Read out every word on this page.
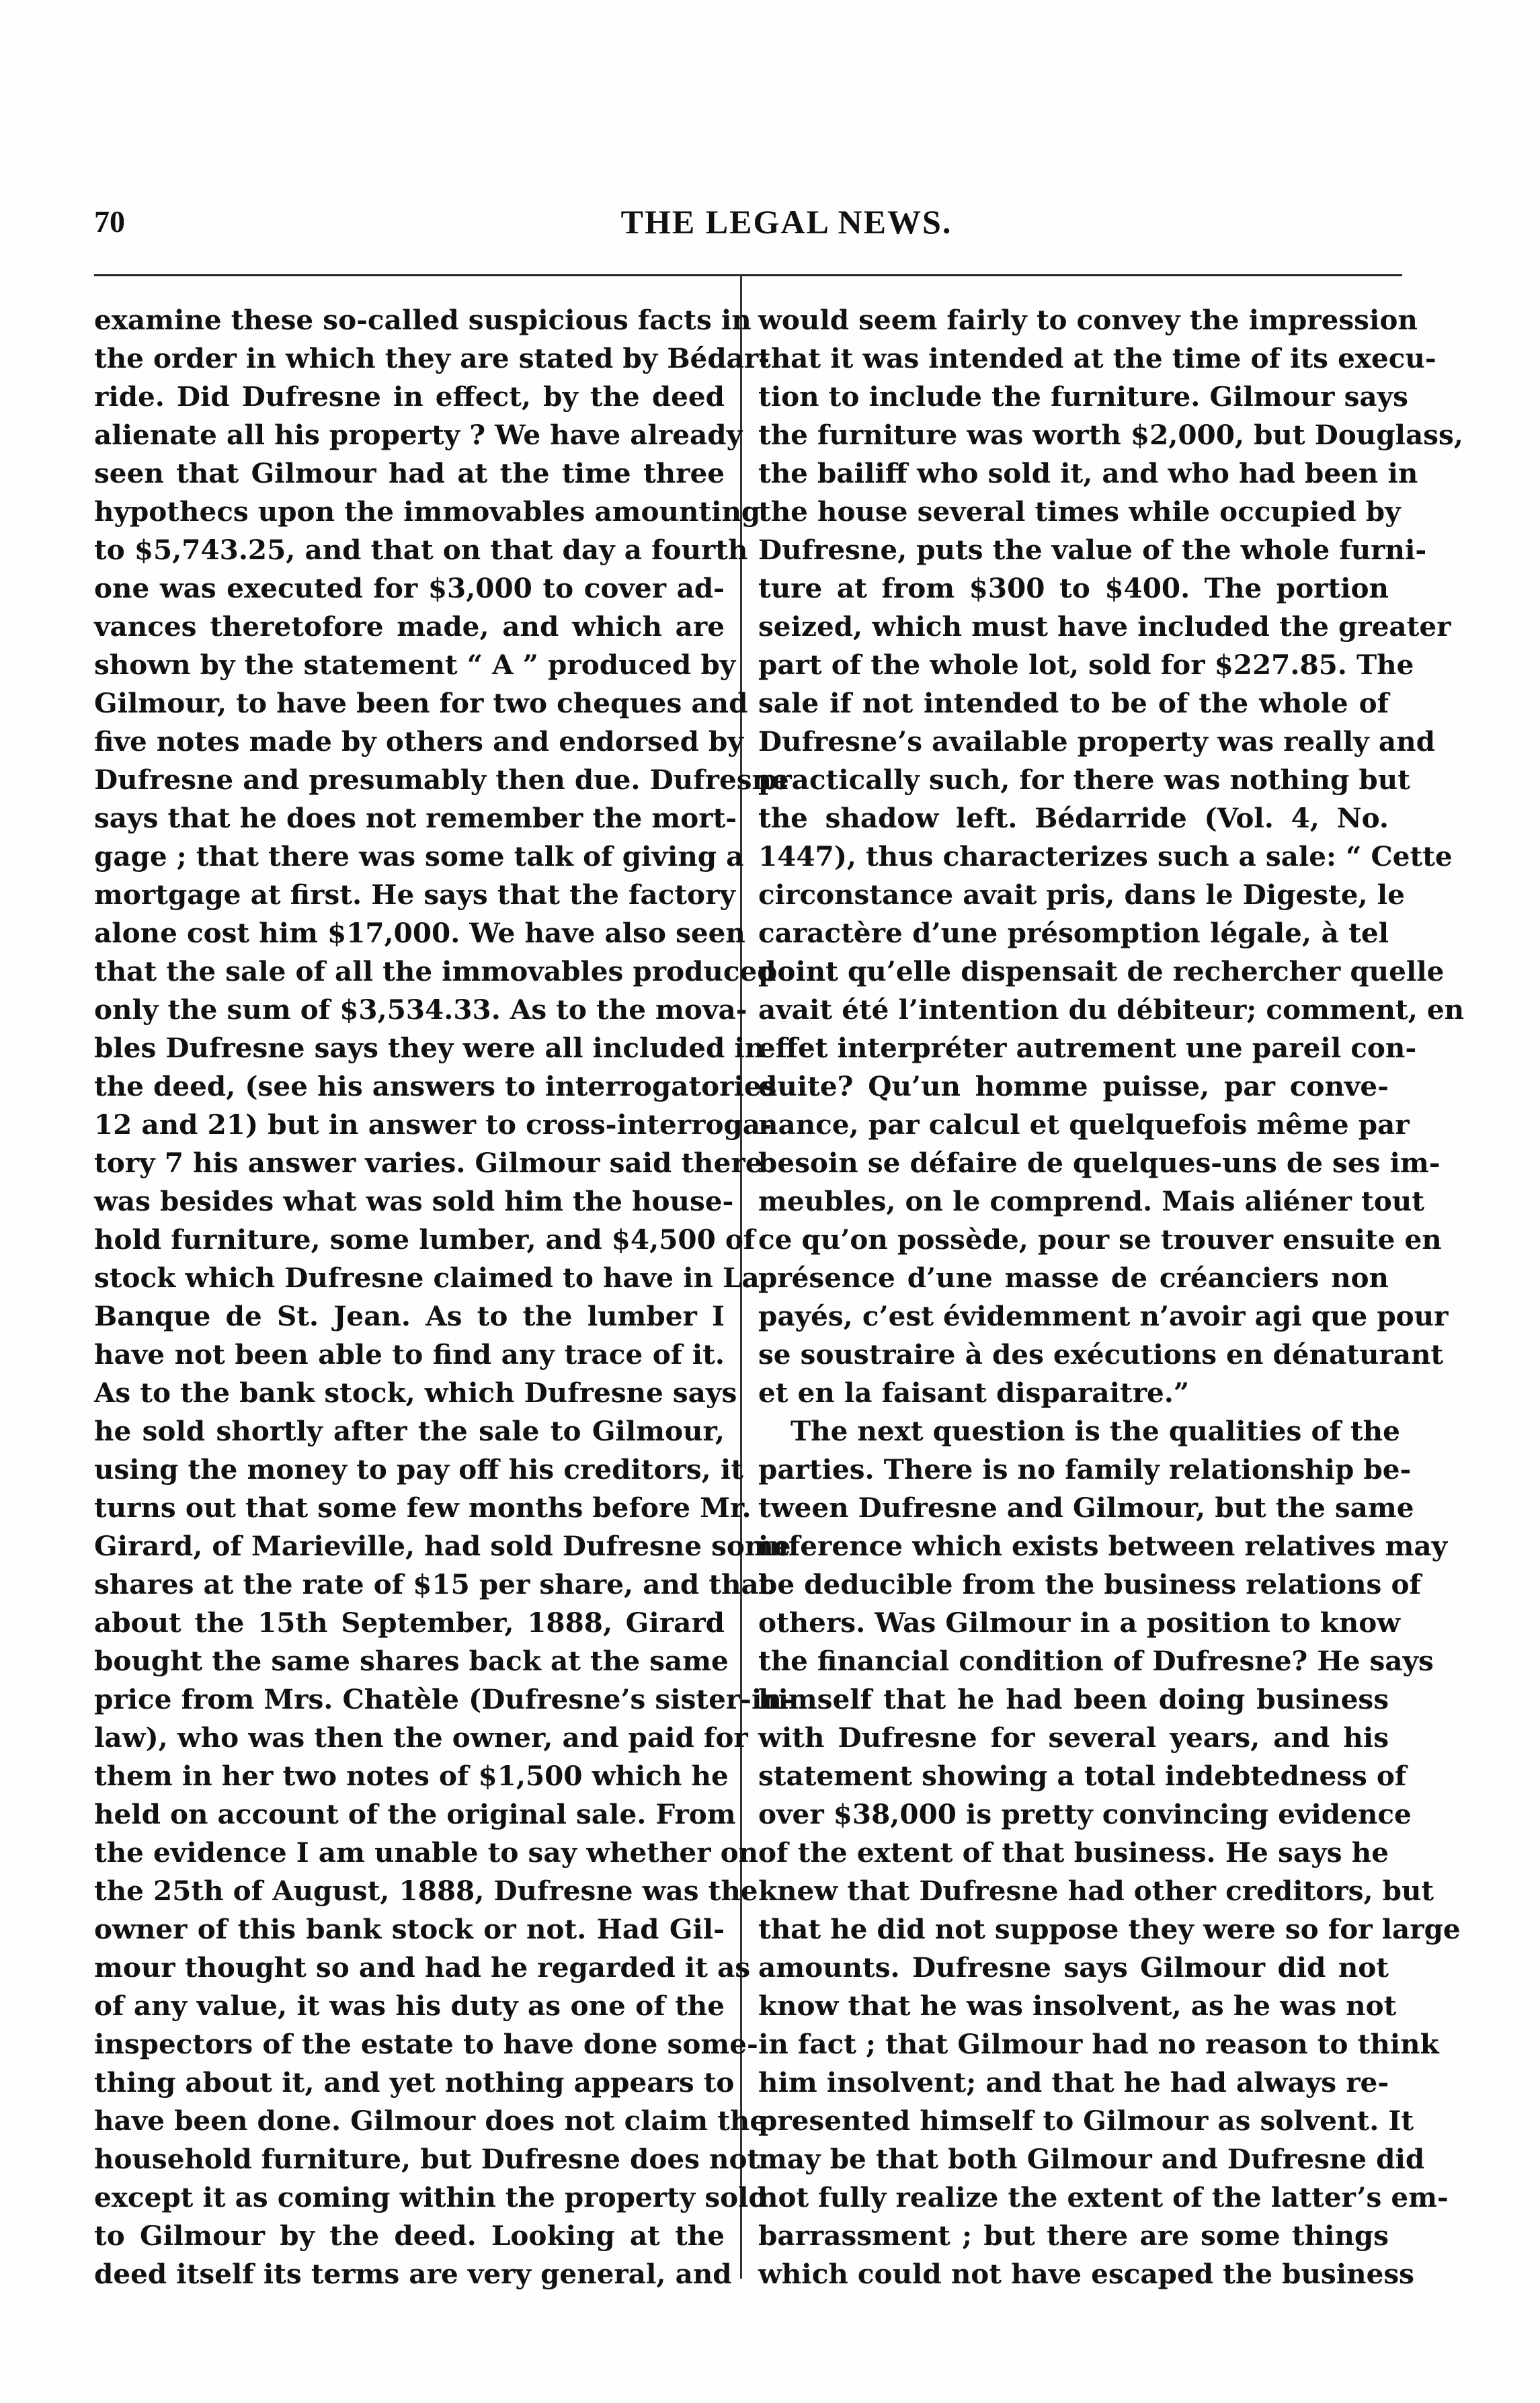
70	THE LEGAL NEWS.
examine these so-called suspicious facts in
the order in which they are stated by Bédar-
ride. Did Dufresne in effect, by the deed
alienate all his property ? We have already
seen that Gilmour had at the time three
hypothecs upon the immovables amounting
to $5,743.25, and that on that day a fourth
one was executed for $3,000 to cover ad-
vances theretofore made, and which are
shown by the statement “ A ” produced by
Gilmour, to have been for two cheques and
five notes made by others and endorsed by
Dufresne and presumably then due. Dufresne
says that he does not remember the mort-
gage ; that there was some talk of giving a
mortgage at first. He says that the factory
alone cost him $17,000. We have also seen
that the sale of all the immovables produced
only the sum of $3,534.33. As to the mova-
bles Dufresne says they were all included in
the deed, (see his answers to interrogatories
12 and 21) but in answer to cross-interroga-
tory 7 his answer varies. Gilmour said there
was besides what was sold him the house-
hold furniture, some lumber, and $4,500 of
stock which Dufresne claimed to have in La
Banque de St. Jean. As to the lumber I
have not been able to find any trace of it.
As to the bank stock, which Dufresne says
he sold shortly after the sale to Gilmour,
using the money to pay off his creditors, it
turns out that some few months before Mr.
Girard, of Marieville, had sold Dufresne some
shares at the rate of $15 per share, and that
about the 15th September, 1888, Girard
bought the same shares back at the same
price from Mrs. Chatèle (Dufresne’s sister-in-
law), who was then the owner, and paid for
them in her two notes of $1,500 which he
held on account of the original sale. From
the evidence I am unable to say whether on
the 25th of August, 1888, Dufresne was the
owner of this bank stock or not. Had Gil-
mour thought so and had he regarded it as
of any value, it was his duty as one of the
inspectors of the estate to have done some-
thing about it, and yet nothing appears to
have been done. Gilmour does not claim the
household furniture, but Dufresne does not
except it as coming within the property sold
to Gilmour by the deed. Looking at the
deed itself its terms are very general, and
would seem fairly to convey the impression
that it was intended at the time of its execu-
tion to include the furniture. Gilmour says
the furniture was worth $2,000, but Douglass,
the bailiff who sold it, and who had been in
the house several times while occupied by
Dufresne, puts the value of the whole furni-
ture at from $300 to $400. The portion
seized, which must have included the greater
part of the whole lot, sold for $227.85. The
sale if not intended to be of the whole of
Dufresne’s available property was really and
practically such, for there was nothing but
the shadow left. Bédarride (Vol. 4, No.
1447), thus characterizes such a sale: “ Cette
circonstance avait pris, dans le Digeste, le
caractère d’une présomption légale, à tel
point qu’elle dispensait de rechercher quelle
avait été l’intention du débiteur; comment, en
effet interpréter autrement une pareil con-
duite? Qu’un homme puisse, par conve-
nance, par calcul et quelquefois même par
besoin se défaire de quelques-uns de ses im-
meubles, on le comprend. Mais aliéner tout
ce qu’on possède, pour se trouver ensuite en
présence d’une masse de créanciers non
payés, c’est évidemment n’avoir agi que pour
se soustraire à des exécutions en dénaturant
et en la faisant disparaitre.”
The next question is the qualities of the
parties. There is no family relationship be-
tween Dufresne and Gilmour, but the same
inference which exists between relatives may
be deducible from the business relations of
others. Was Gilmour in a position to know
the financial condition of Dufresne? He says
himself that he had been doing business
with Dufresne for several years, and his
statement showing a total indebtedness of
over $38,000 is pretty convincing evidence
of the extent of that business. He says he
knew that Dufresne had other creditors, but
that he did not suppose they were so for large
amounts. Dufresne says Gilmour did not
know that he was insolvent, as he was not
in fact ; that Gilmour had no reason to think
him insolvent; and that he had always re-
presented himself to Gilmour as solvent. It
may be that both Gilmour and Dufresne did
not fully realize the extent of the latter’s em-
barrassment ; but there are some things
which could not have escaped the business
